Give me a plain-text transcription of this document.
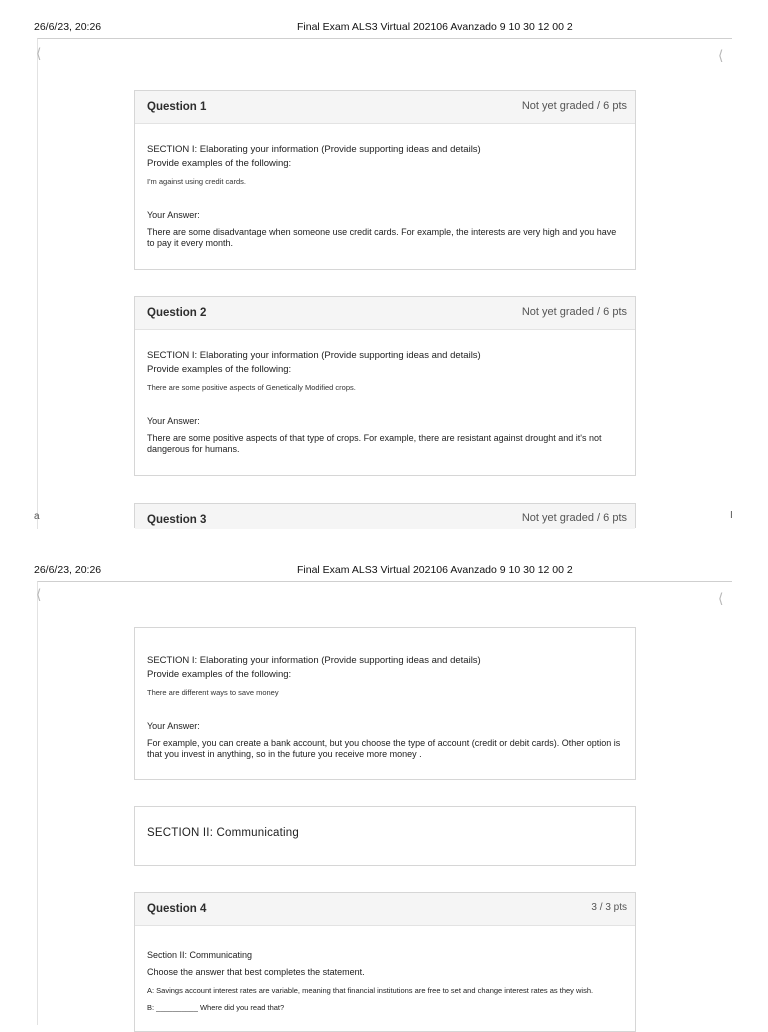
26/6/23, 20:26	Final Exam ALS3 Virtual 202106 Avanzado 9 10 30 12 00 2
⟨	⟨
a	I
Question 1	Not yet graded / 6 pts
SECTION I: Elaborating your information (Provide supporting ideas and details)
Provide examples of the following:
I'm against using credit cards.
Your Answer:
There are some disadvantage when someone use credit cards. For example, the interests are very high and you have to pay it every month.
Question 2	Not yet graded / 6 pts
SECTION I: Elaborating your information (Provide supporting ideas and details)
Provide examples of the following:
There are some positive aspects of Genetically Modified crops.
Your Answer:
There are some positive aspects of that type of crops. For example, there are resistant against drought and it's not dangerous for humans.
Question 3	Not yet graded / 6 pts
26/6/23, 20:26	Final Exam ALS3 Virtual 202106 Avanzado 9 10 30 12 00 2
⟨	⟨
SECTION I: Elaborating your information (Provide supporting ideas and details)
Provide examples of the following:
There are different ways to save money
Your Answer:
For example, you can create a bank account, but you choose the type of account (credit or debit cards). Other option is that you invest in anything, so in the future you receive more money .
SECTION II: Communicating
Question 4	3 / 3 pts
Section II: Communicating
Choose the answer that best completes the statement.
A: Savings account interest rates are variable, meaning that financial institutions are free to set and change interest rates as they wish.
B: __________ Where did you read that?
